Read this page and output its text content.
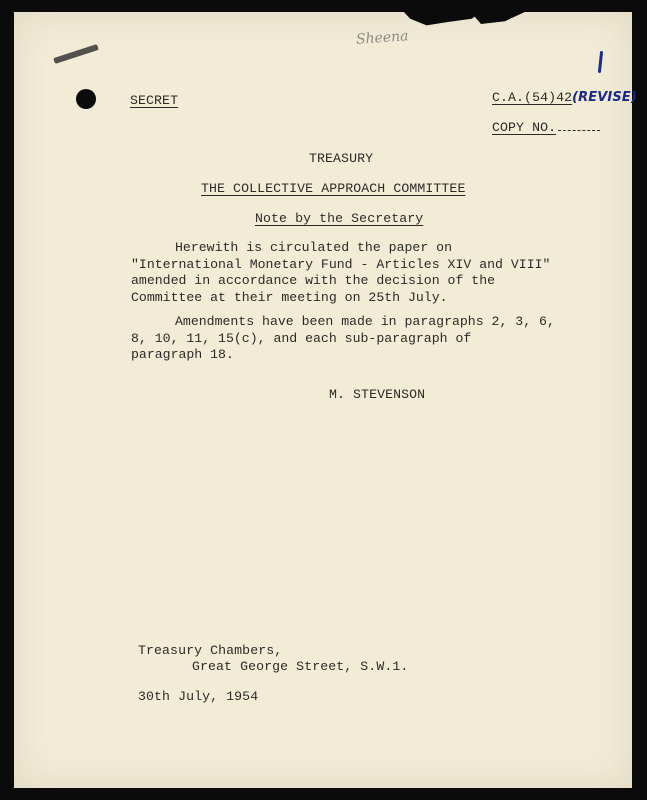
Sheena
SECRET	C.A.(54)42(REVISE)
COPY NO.
TREASURY
THE COLLECTIVE APPROACH COMMITTEE
Note by the Secretary
Herewith is circulated the paper on
"International Monetary Fund - Articles XIV and VIII"
amended in accordance with the decision of the
Committee at their meeting on 25th July.
Amendments have been made in paragraphs 2, 3, 6,
8, 10, 11, 15(c), and each sub-paragraph of
paragraph 18.
M. STEVENSON
Treasury Chambers,
Great George Street, S.W.1.
30th July, 1954
